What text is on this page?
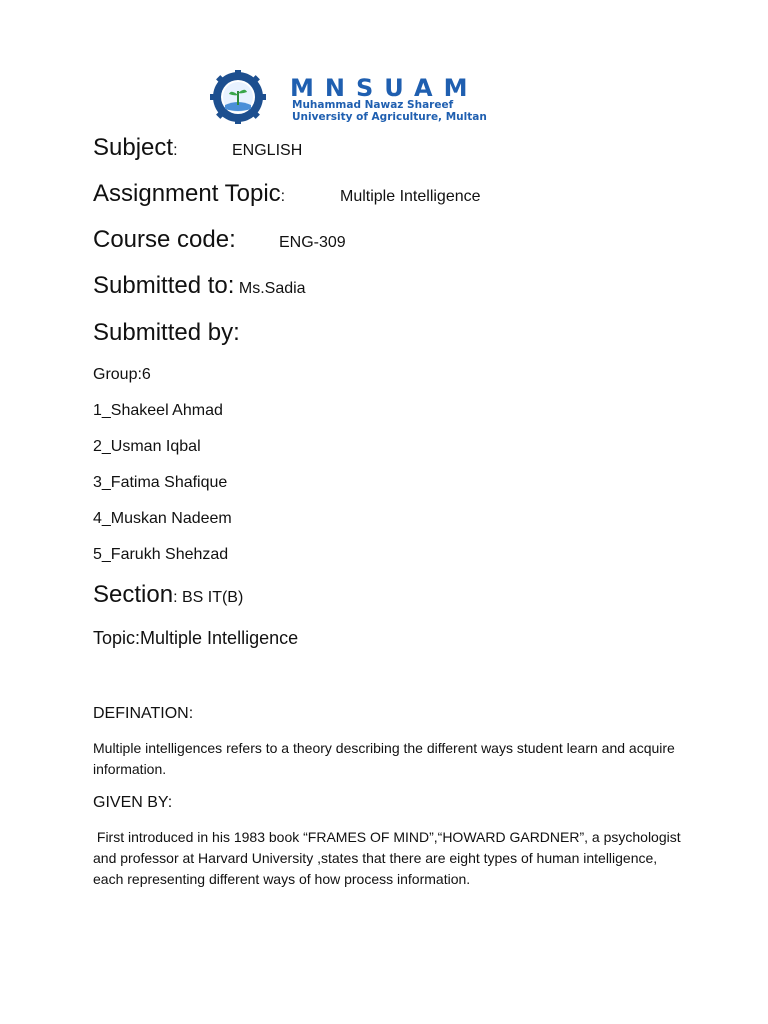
MNSUAM
Muhammad Nawaz Shareef
University of Agriculture, Multan
Subject:	ENGLISH
Assignment Topic:	Multiple Intelligence
Course code:	ENG-309
Submitted to: Ms.Sadia
Submitted by:
Group:6
1_Shakeel Ahmad
2_Usman Iqbal
3_Fatima Shafique
4_Muskan Nadeem
5_Farukh Shehzad
Section: BS IT(B)
Topic:Multiple Intelligence
DEFINATION:
Multiple intelligences refers to a theory describing the different ways student learn and acquire information.
GIVEN BY:
First introduced in his 1983 book “FRAMES OF MIND”,“HOWARD GARDNER”, a psychologist and professor at Harvard University ,states that there are eight types of human intelligence, each representing different ways of how process information.
